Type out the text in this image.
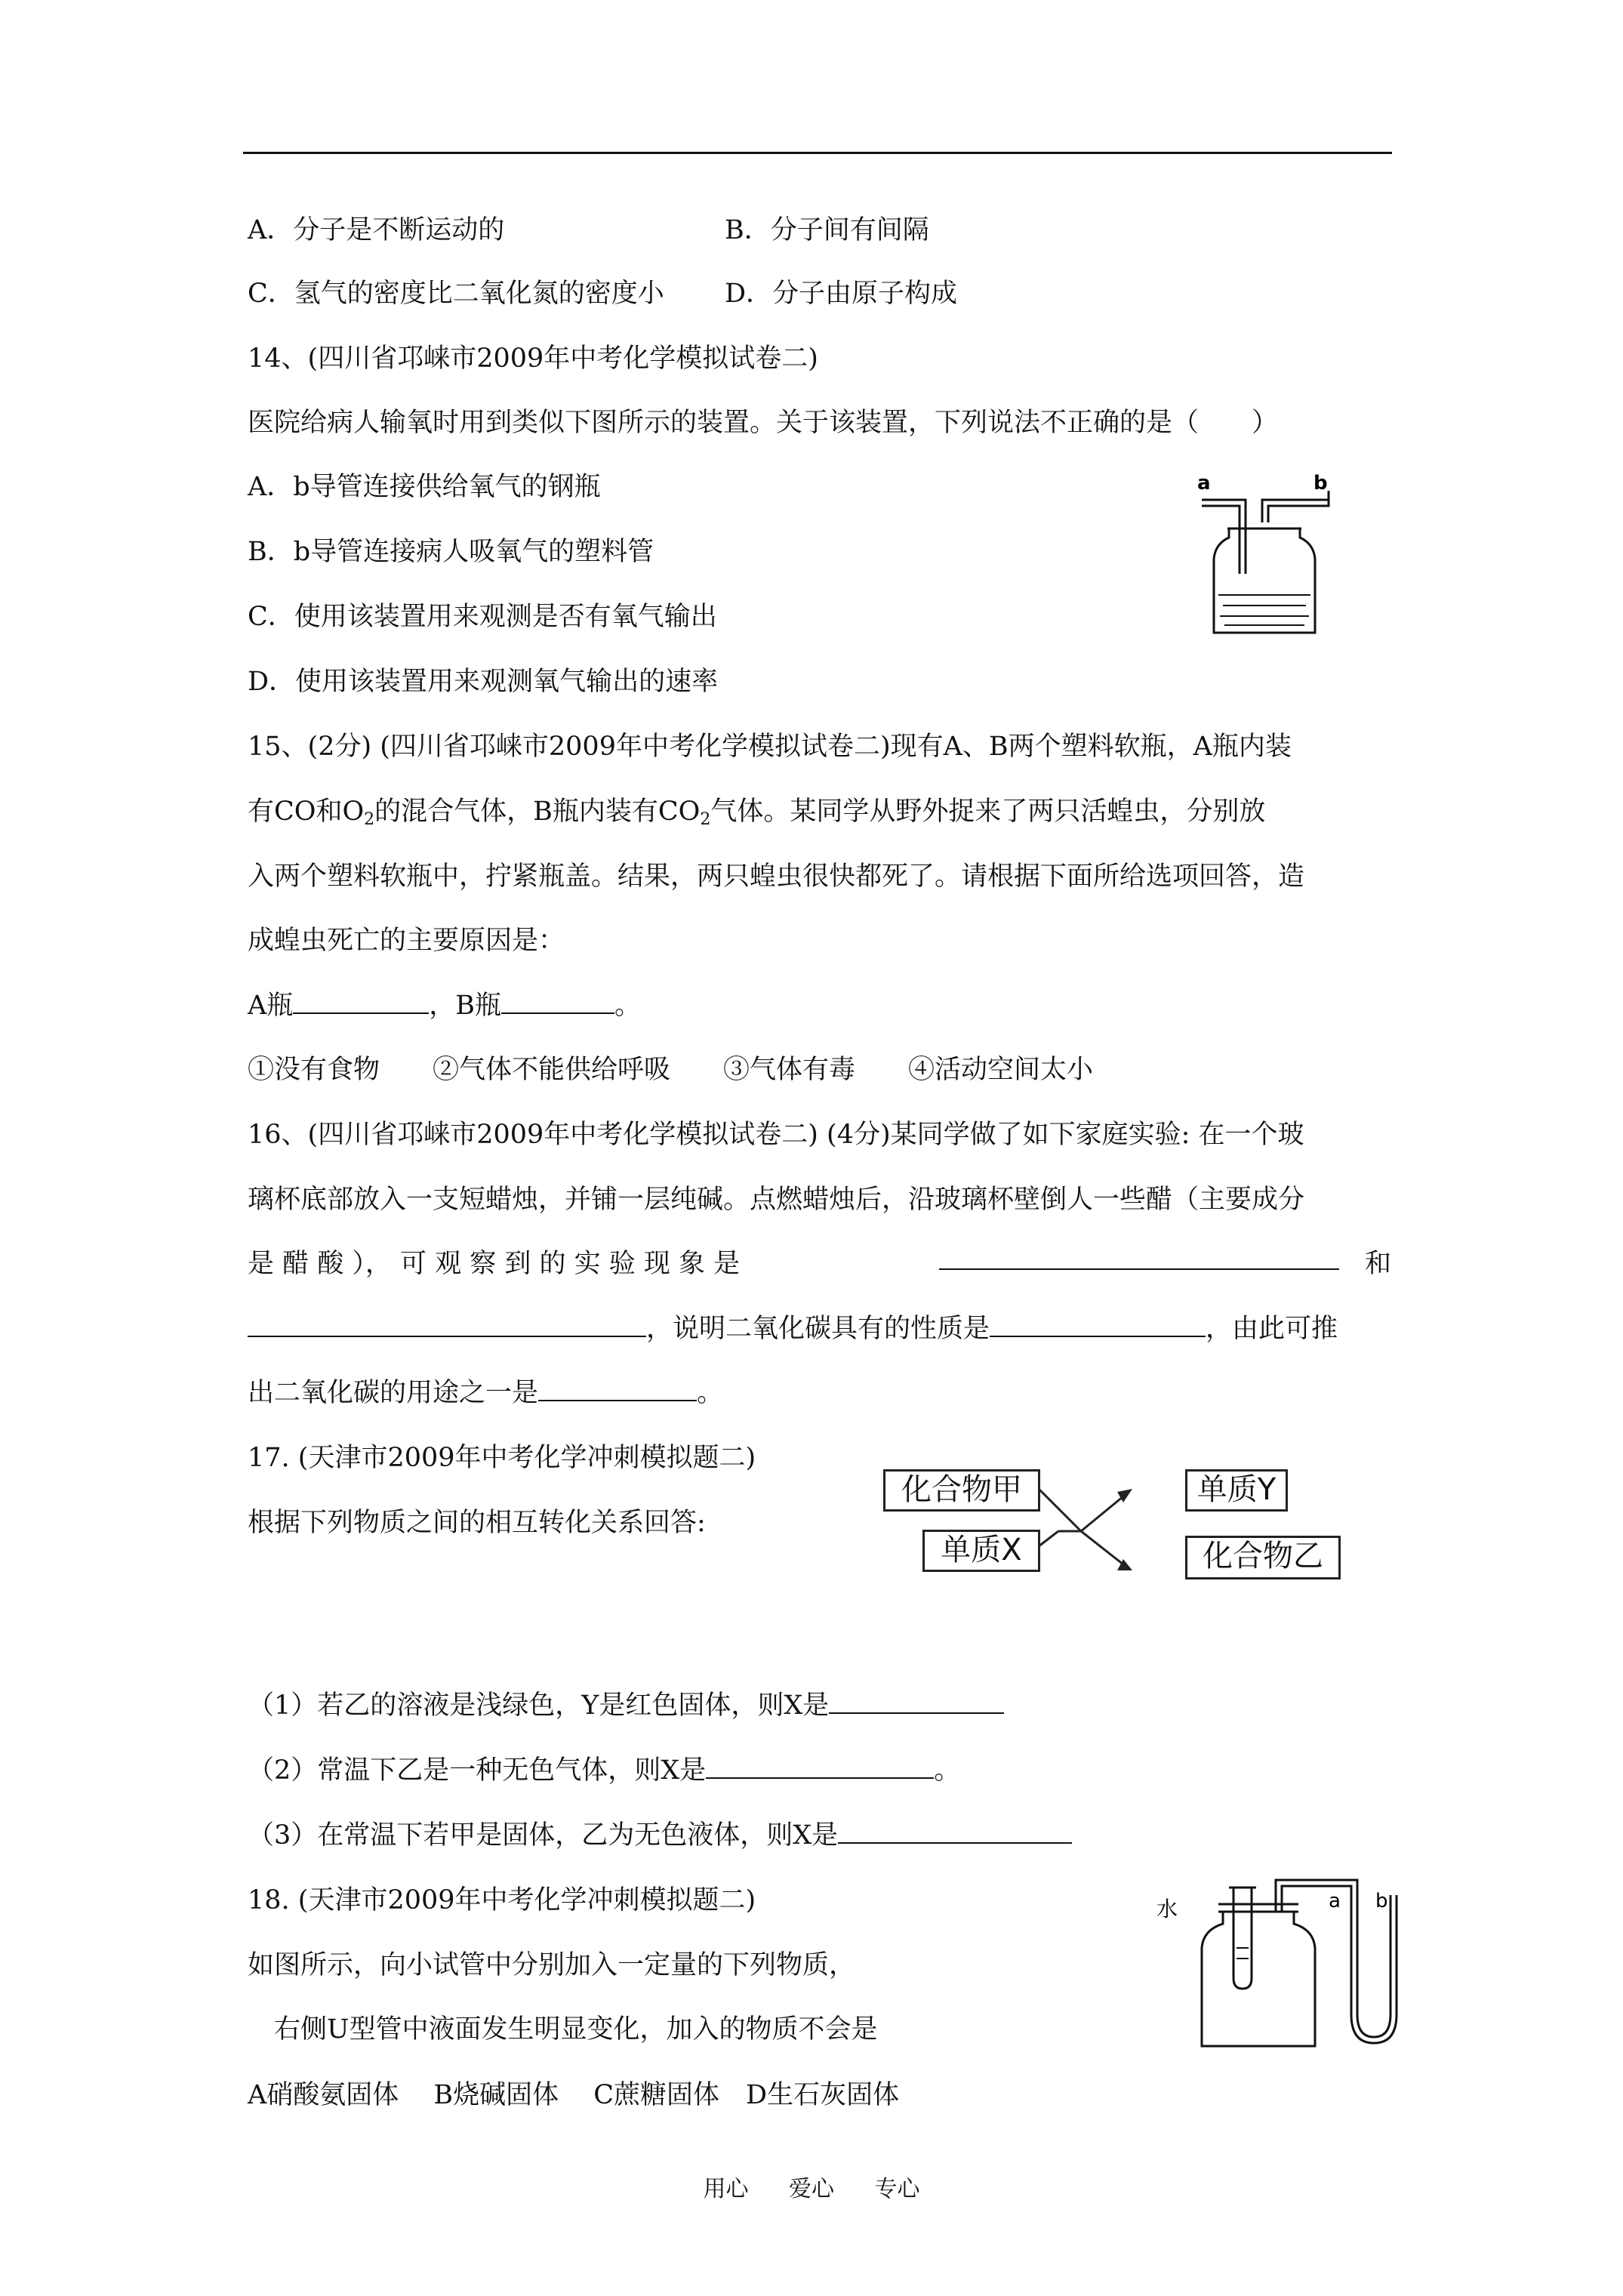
A．分子是不断运动的	B．分子间有间隔
C．氢气的密度比二氧化氮的密度小 D．分子由原子构成
14、(四川省邛崃市2009年中考化学模拟试卷二)
医院给病人输氧时用到类似下图所示的装置。关于该装置，下列说法不正确的是（　　）
A．b导管连接供给氧气的钢瓶
B．b导管连接病人吸氧气的塑料管
C．使用该装置用来观测是否有氧气输出
D．使用该装置用来观测氧气输出的速率
a	b
15、(2分) (四川省邛崃市2009年中考化学模拟试卷二)现有A、B两个塑料软瓶，A瓶内装
有CO和$O_2$的混合气体，B瓶内装有$CO_2$气体。某同学从野外捉来了两只活蝗虫，分别放
入两个塑料软瓶中，拧紧瓶盖。结果，两只蝗虫很快都死了。请根据下面所给选项回答，造
成蝗虫死亡的主要原因是：
A瓶	，B瓶	。
①没有食物　　②气体不能供给呼吸　　③气体有毒　　④活动空间太小
16、(四川省邛崃市2009年中考化学模拟试卷二) (4分)某同学做了如下家庭实验: 在一个玻
璃杯底部放入一支短蜡烛，并铺一层纯碱。点燃蜡烛后，沿玻璃杯壁倒人一些醋（主要成分
是 醋 酸 ）， 可 观 察 到 的 实 验 现 象 是	和
，说明二氧化碳具有的性质是	，由此可推
出二氧化碳的用途之一是	。
17. (天津市2009年中考化学冲刺模拟题二)
根据下列物质之间的相互转化关系回答:
化合物甲
单质X
单质Y
化合物乙
（1）若乙的溶液是浅绿色，Y是红色固体，则X是
（2）常温下乙是一种无色气体，则X是	。
（3）在常温下若甲是固体，乙为无色液体，则X是
18. (天津市2009年中考化学冲刺模拟题二)
如图所示，向小试管中分别加入一定量的下列物质，
　右侧U型管中液面发生明显变化，加入的物质不会是
A硝酸氨固体　 B烧碱固体　 C蔗糖固体　D生石灰固体
水	a b
用心 爱心 专心
